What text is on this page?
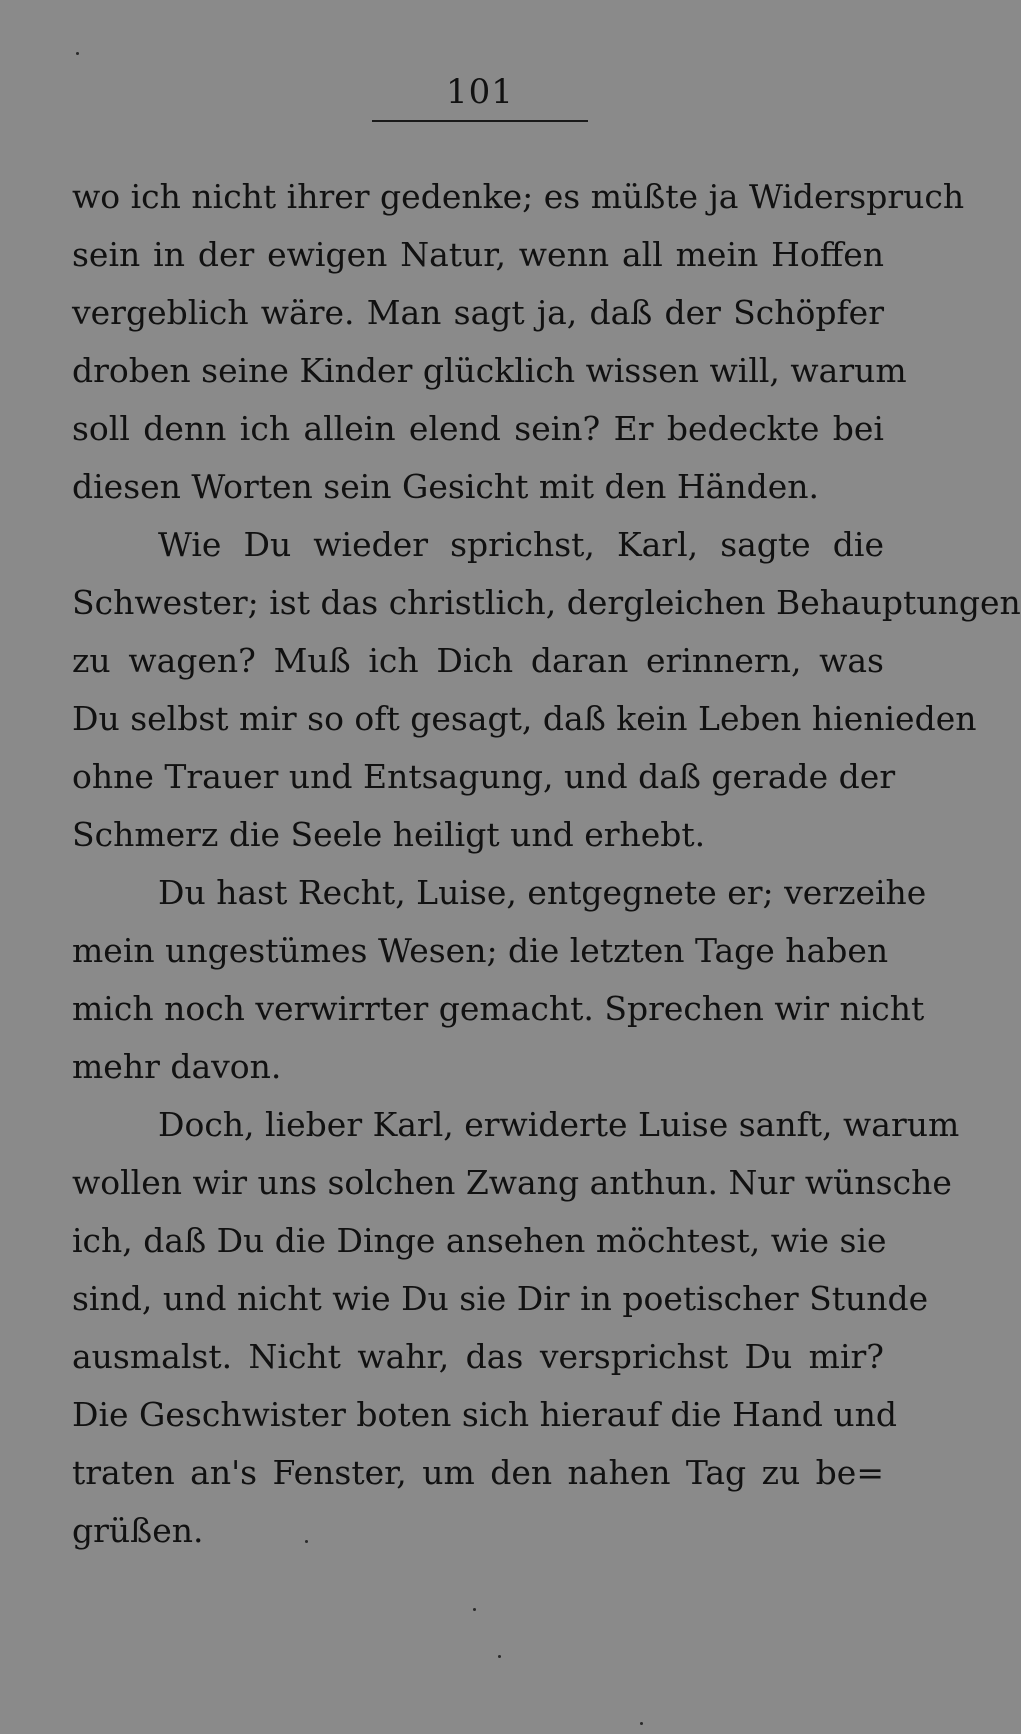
101
wo ich nicht ihrer gedenke; es müßte ja Widerspruch
sein in der ewigen Natur, wenn all mein Hoffen
vergeblich wäre. Man sagt ja, daß der Schöpfer
droben seine Kinder glücklich wissen will, warum
soll denn ich allein elend sein? Er bedeckte bei
diesen Worten sein Gesicht mit den Händen.
Wie Du wieder sprichst, Karl, sagte die
Schwester; ist das christlich, dergleichen Behauptungen
zu wagen? Muß ich Dich daran erinnern, was
Du selbst mir so oft gesagt, daß kein Leben hienieden
ohne Trauer und Entsagung, und daß gerade der
Schmerz die Seele heiligt und erhebt.
Du hast Recht, Luise, entgegnete er; verzeihe
mein ungestümes Wesen; die letzten Tage haben
mich noch verwirrter gemacht. Sprechen wir nicht
mehr davon.
Doch, lieber Karl, erwiderte Luise sanft, warum
wollen wir uns solchen Zwang anthun. Nur wünsche
ich, daß Du die Dinge ansehen möchtest, wie sie
sind, und nicht wie Du sie Dir in poetischer Stunde
ausmalst. Nicht wahr, das versprichst Du mir?
Die Geschwister boten sich hierauf die Hand und
traten an's Fenster, um den nahen Tag zu be=
grüßen.
